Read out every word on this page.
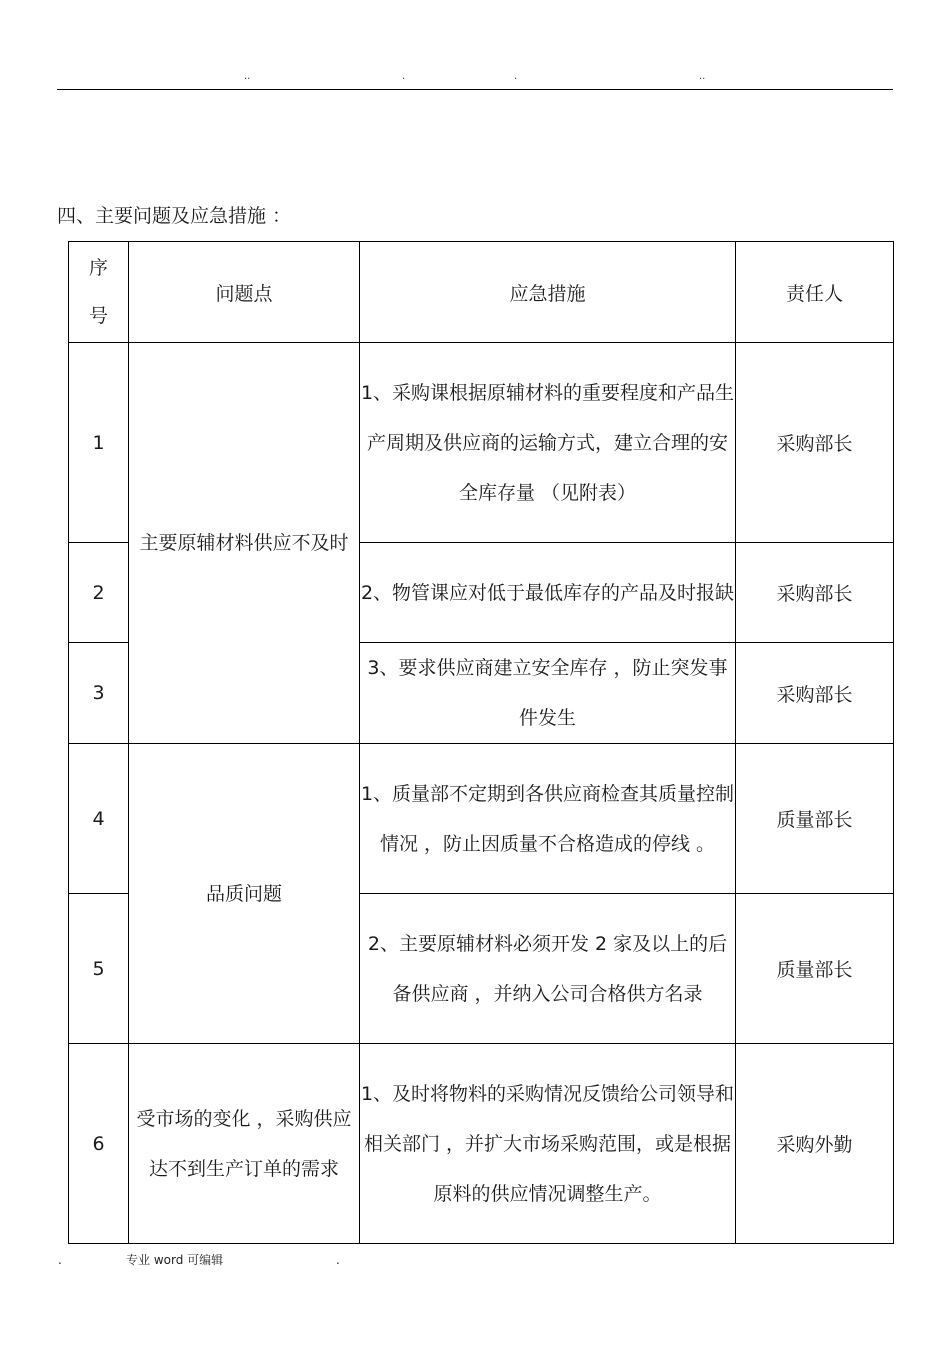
..	.	.	..
四、主要问题及应急措施 ：
序号	问题点	应急措施	责任人
1	主要原辅材料供应不及时	1、采购课根据原辅材料的重要程度和产品生产周期及供应商的运输方式，建立合理的安全库存量 （见附表）	采购部长
2		2、物管课应对低于最低库存的产品及时报缺	采购部长
3		3、要求供应商建立安全库存 ，防止突发事件发生	采购部长
4	品质问题	1、质量部不定期到各供应商检查其质量控制情况 ，防止因质量不合格造成的停线 。	质量部长
5		2、主要原辅材料必须开发 2 家及以上的后备供应商 ，并纳入公司合格供方名录	质量部长
6	受市场的变化 ，采购供应达不到生产订单的需求	1、及时将物料的采购情况反馈给公司领导和相关部门 ，并扩大市场采购范围，或是根据原料的供应情况调整生产。	采购外勤
.	专业 word 可编辑	.
